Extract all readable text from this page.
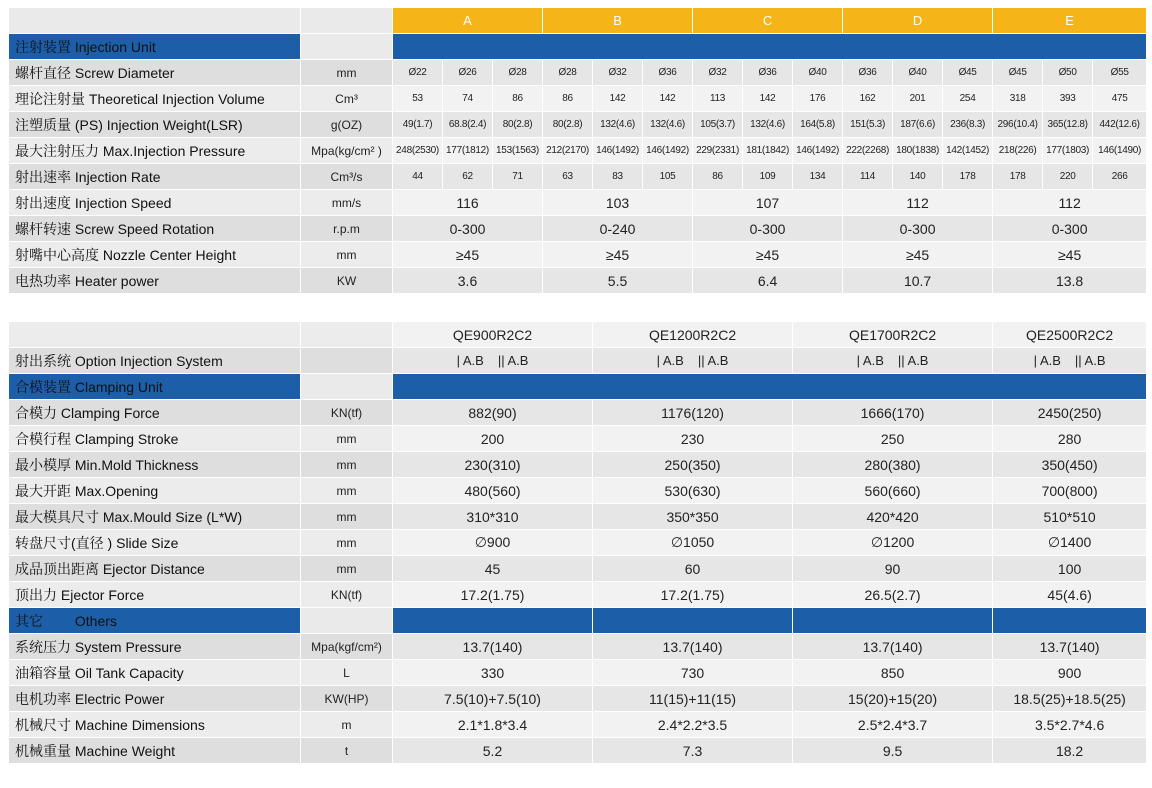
		A	B	C	D	E
注射装置 Injection Unit		
螺杆直径 Screw Diameter	mm	Ø22	Ø26	Ø28	Ø28	Ø32	Ø36	Ø32	Ø36	Ø40	Ø36	Ø40	Ø45	Ø45	Ø50	Ø55
理论注射量 Theoretical Injection Volume	Cm³	53	74	86	86	142	142	113	142	176	162	201	254	318	393	475
注塑质量 (PS) Injection Weight(LSR)	g(OZ)	49(1.7)	68.8(2.4)	80(2.8)	80(2.8)	132(4.6)	132(4.6)	105(3.7)	132(4.6)	164(5.8)	151(5.3)	187(6.6)	236(8.3)	296(10.4)	365(12.8)	442(12.6)
最大注射压力 Max.Injection Pressure	Mpa(kg/cm² )	248(2530)	177(1812)	153(1563)	212(2170)	146(1492)	146(1492)	229(2331)	181(1842)	146(1492)	222(2268)	180(1838)	142(1452)	218(226)	177(1803)	146(1490)
射出速率 Injection Rate	Cm³/s	44	62	71	63	83	105	86	109	134	114	140	178	178	220	266
射出速度 Injection Speed	mm/s	116	103	107	112	112
螺杆转速 Screw Speed Rotation	r.p.m	0-300	0-240	0-300	0-300	0-300
射嘴中心高度 Nozzle Center Height	mm	≥45	≥45	≥45	≥45	≥45
电热功率 Heater power	KW	3.6	5.5	6.4	10.7	13.8
				QE900R2C2	QE1200R2C2	QE1700R2C2	QE2500R2C2
射出系统 Option Injection System		| A.B || A.B	| A.B || A.B	| A.B || A.B	| A.B || A.B
合模装置 Clamping Unit		
合模力 Clamping Force	KN(tf)	882(90)	1176(120)	1666(170)	2450(250)
合模行程 Clamping Stroke	mm	200	230	250	280
最小模厚 Min.Mold Thickness	mm	230(310)	250(350)	280(380)	350(450)
最大开距 Max.Opening	mm	480(560)	530(630)	560(660)	700(800)
最大模具尺寸 Max.Mould Size (L*W)	mm	310*310	350*350	420*420	510*510
转盘尺寸(直径 ) Slide Size	mm	∅900	∅1050	∅1200	∅1400
成品顶出距离 Ejector Distance	mm	45	60	90	100
顶出力 Ejector Force	KN(tf)	17.2(1.75)	17.2(1.75)	26.5(2.7)	45(4.6)
其它 Others					
系统压力 System Pressure	Mpa(kgf/cm²)	13.7(140)	13.7(140)	13.7(140)	13.7(140)
油箱容量 Oil Tank Capacity	L	330	730	850	900
电机功率 Electric Power	KW(HP)	7.5(10)+7.5(10)	11(15)+11(15)	15(20)+15(20)	18.5(25)+18.5(25)
机械尺寸 Machine Dimensions	m	2.1*1.8*3.4	2.4*2.2*3.5	2.5*2.4*3.7	3.5*2.7*4.6
机械重量 Machine Weight	t	5.2	7.3	9.5	18.2
